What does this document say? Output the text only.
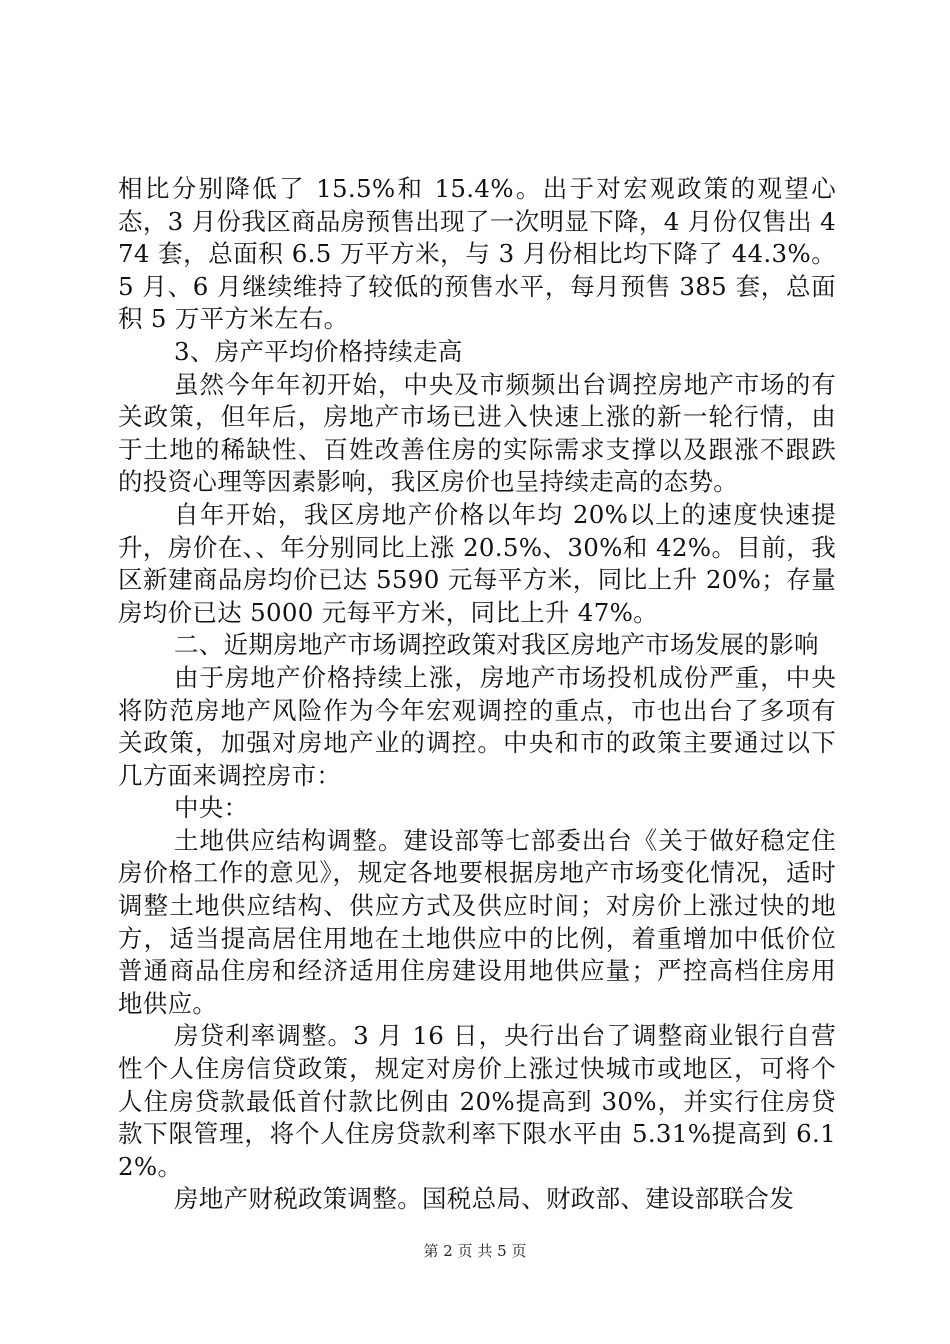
相比分别降低了 15.5%和 15.4%。出于对宏观政策的观望心态，3 月份我区商品房预售出现了一次明显下降，4 月份仅售出 474 套，总面积 6.5 万平方米，与 3 月份相比均下降了 44.3%。5 月、6 月继续维持了较低的预售水平，每月预售 385 套，总面积 5 万平方米左右。

3、房产平均价格持续走高

虽然今年年初开始，中央及市频频出台调控房地产市场的有关政策，但年后，房地产市场已进入快速上涨的新一轮行情，由于土地的稀缺性、百姓改善住房的实际需求支撑以及跟涨不跟跌的投资心理等因素影响，我区房价也呈持续走高的态势。

自年开始，我区房地产价格以年均 20%以上的速度快速提升，房价在、、年分别同比上涨 20.5%、30%和 42%。目前，我区新建商品房均价已达 5590 元每平方米，同比上升 20%；存量房均价已达 5000 元每平方米，同比上升 47%。

二、近期房地产市场调控政策对我区房地产市场发展的影响

由于房地产价格持续上涨，房地产市场投机成份严重，中央将防范房地产风险作为今年宏观调控的重点，市也出台了多项有关政策，加强对房地产业的调控。中央和市的政策主要通过以下几方面来调控房市：

中央：

土地供应结构调整。建设部等七部委出台《关于做好稳定住房价格工作的意见》，规定各地要根据房地产市场变化情况，适时调整土地供应结构、供应方式及供应时间；对房价上涨过快的地方，适当提高居住用地在土地供应中的比例，着重增加中低价位普通商品住房和经济适用住房建设用地供应量；严控高档住房用地供应。

房贷利率调整。3 月 16 日，央行出台了调整商业银行自营性个人住房信贷政策，规定对房价上涨过快城市或地区，可将个人住房贷款最低首付款比例由 20%提高到 30%，并实行住房贷款下限管理，将个人住房贷款利率下限水平由 5.31%提高到 6.12%。

房地产财税政策调整。国税总局、财政部、建设部联合发

第 2 页 共 5 页
